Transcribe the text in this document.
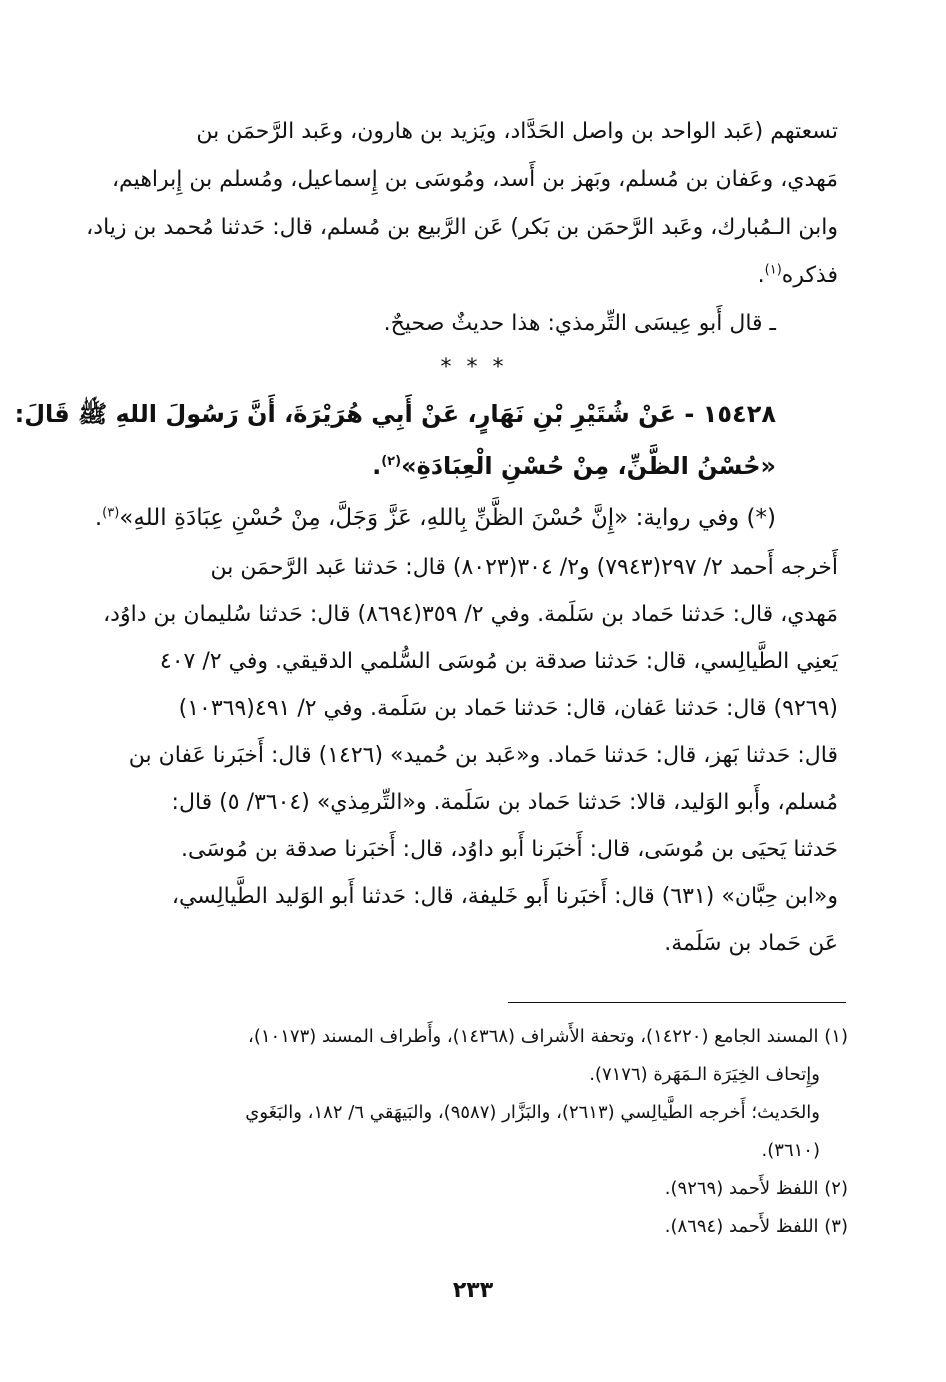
تسعتهم (عَبد الواحد بن واصل الحَدَّاد، ويَزيد بن هارون، وعَبد الرَّحمَن بن
مَهدي، وعَفان بن مُسلم، وبَهز بن أَسد، ومُوسَى بن إِسماعيل، ومُسلم بن إِبراهيم،
وابن الـمُبارك، وعَبد الرَّحمَن بن بَكر) عَن الرَّبيع بن مُسلم، قال: حَدثنا مُحمد بن زياد،
فذكره$^{(١)}$.
ـ قال أَبو عِيسَى التِّرمذي: هذا حديثٌ صحيحٌ.
* * *
١٥٤٢٨ - عَنْ شُتَيْرِ بْنِ نَهَارٍ، عَنْ أَبِي هُرَيْرَةَ، أَنَّ رَسُولَ اللهِ ﷺ قَالَ:
«حُسْنُ الظَّنِّ، مِنْ حُسْنِ الْعِبَادَةِ»$^{(٢)}$.
(*) وفي رواية: «إِنَّ حُسْنَ الظَّنِّ بِاللهِ، عَزَّ وَجَلَّ، مِنْ حُسْنِ عِبَادَةِ اللهِ»$^{(٣)}$.
أَخرجه أَحمد ٢/ ٢٩٧(٧٩٤٣) و٢/ ٣٠٤(٨٠٢٣) قال: حَدثنا عَبد الرَّحمَن بن
مَهدي، قال: حَدثنا حَماد بن سَلَمة. وفي ٢/ ٣٥٩(٨٦٩٤) قال: حَدثنا سُليمان بن داوُد،
يَعنِي الطَّيالِسي، قال: حَدثنا صدقة بن مُوسَى السُّلمي الدقيقي. وفي ٢/ ٤٠٧
(٩٢٦٩) قال: حَدثنا عَفان، قال: حَدثنا حَماد بن سَلَمة. وفي ٢/ ٤٩١(١٠٣٦٩)
قال: حَدثنا بَهز، قال: حَدثنا حَماد. و«عَبد بن حُميد» (١٤٢٦) قال: أَخبَرنا عَفان بن
مُسلم، وأَبو الوَليد، قالا: حَدثنا حَماد بن سَلَمة. و«التِّرمِذي» (٣٦٠٤/ ٥) قال:
حَدثنا يَحيَى بن مُوسَى، قال: أَخبَرنا أَبو داوُد، قال: أَخبَرنا صدقة بن مُوسَى.
و«ابن حِبَّان» (٦٣١) قال: أَخبَرنا أَبو خَليفة، قال: حَدثنا أَبو الوَليد الطَّيالِسي،
عَن حَماد بن سَلَمة.
(١) المسند الجامع (١٤٢٢٠)، وتحفة الأَشراف (١٤٣٦٨)، وأَطراف المسند (١٠١٧٣)،
وإِتحاف الخِيَرَة الـمَهَرة (٧١٧٦).
والحَديث؛ أَخرجه الطَّيالِسي (٢٦١٣)، والبَزَّار (٩٥٨٧)، والبَيهَقي ٦/ ١٨٢، والبَغَوي
(٣٦١٠).
(٢) اللفظ لأَحمد (٩٢٦٩).
(٣) اللفظ لأَحمد (٨٦٩٤).
٢٣٣
